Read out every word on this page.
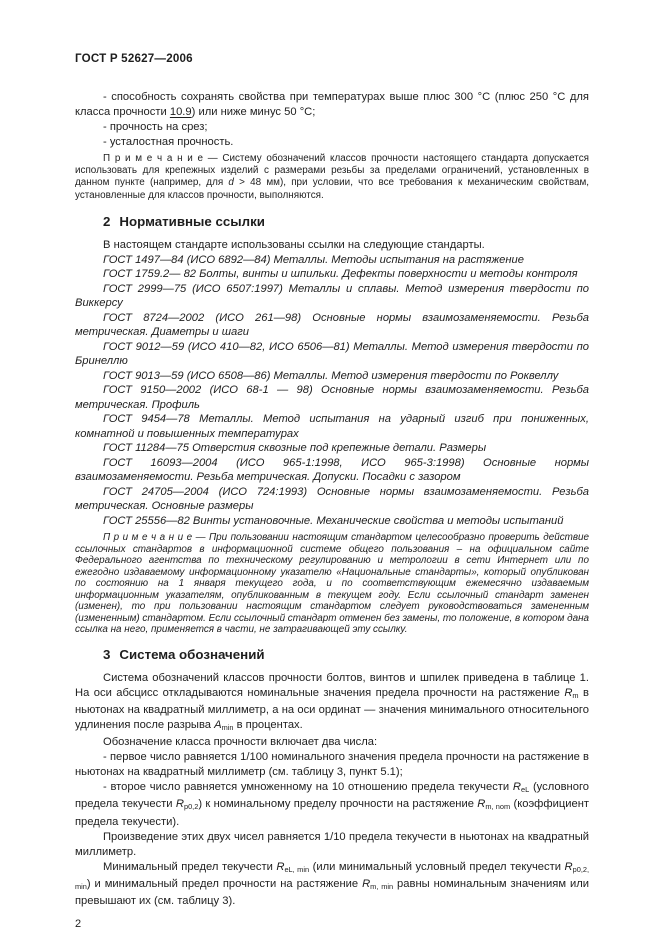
ГОСТ Р 52627—2006

- способность сохранять свойства при температурах выше плюс 300 °С (плюс 250 °С для класса прочности 10.9) или ниже минус 50 °С;

- прочность на срез;

- усталостная прочность.

П р и м е ч а н и е — Систему обозначений классов прочности настоящего стандарта допускается использовать для крепежных изделий с размерами резьбы за пределами ограничений, установленных в данном пункте (например, для d > 48 мм), при условии, что все требования к механическим свойствам, установленные для классов прочности, выполняются.

2 Нормативные ссылки

В настоящем стандарте использованы ссылки на следующие стандарты.

ГОСТ 1497—84 (ИСО 6892—84) Металлы. Методы испытания на растяжение

ГОСТ 1759.2— 82 Болты, винты и шпильки. Дефекты поверхности и методы контроля

ГОСТ 2999—75 (ИСО 6507:1997) Металлы и сплавы. Метод измерения твердости по Виккерсу

ГОСТ 8724—2002 (ИСО 261—98) Основные нормы взаимозаменяемости. Резьба метрическая. Диаметры и шаги

ГОСТ 9012—59 (ИСО 410—82, ИСО 6506—81) Металлы. Метод измерения твердости по Бринеллю

ГОСТ 9013—59 (ИСО 6508—86) Металлы. Метод измерения твердости по Роквеллу

ГОСТ 9150—2002 (ИСО 68-1 — 98) Основные нормы взаимозаменяемости. Резьба метрическая. Профиль

ГОСТ 9454—78 Металлы. Метод испытания на ударный изгиб при пониженных, комнатной и повышенных температурах

ГОСТ 11284—75 Отверстия сквозные под крепежные детали. Размеры

ГОСТ 16093—2004 (ИСО 965-1:1998, ИСО 965-3:1998) Основные нормы взаимозаменяемости. Резьба метрическая. Допуски. Посадки с зазором

ГОСТ 24705—2004 (ИСО 724:1993) Основные нормы взаимозаменяемости. Резьба метрическая. Основные размеры

ГОСТ 25556—82 Винты установочные. Механические свойства и методы испытаний

П р и м е ч а н и е — При пользовании настоящим стандартом целесообразно проверить действие ссылочных стандартов в информационной системе общего пользования – на официальном сайте Федерального агентства по техническому регулированию и метрологии в сети Интернет или по ежегодно издаваемому информационному указателю «Национальные стандарты», который опубликован по состоянию на 1 января текущего года, и по соответствующим ежемесячно издаваемым информационным указателям, опубликованным в текущем году. Если ссылочный стандарт заменен (изменен), то при пользовании настоящим стандартом следует руководствоваться замененным (измененным) стандартом. Если ссылочный стандарт отменен без замены, то положение, в котором дана ссылка на него, применяется в части, не затрагивающей эту ссылку.

3 Система обозначений

Система обозначений классов прочности болтов, винтов и шпилек приведена в таблице 1. На оси абсцисс откладываются номинальные значения предела прочности на растяжение Rm в ньютонах на квадратный миллиметр, а на оси ординат — значения минимального относительного удлинения после разрыва Amin в процентах.

Обозначение класса прочности включает два числа:

- первое число равняется 1/100 номинального значения предела прочности на растяжение в ньютонах на квадратный миллиметр (см. таблицу 3, пункт 5.1);

- второе число равняется умноженному на 10 отношению предела текучести ReL (условного предела текучести Rp0,2) к номинальному пределу прочности на растяжение Rm, nom (коэффициент предела текучести).

Произведение этих двух чисел равняется 1/10 предела текучести в ньютонах на квадратный миллиметр.

Минимальный предел текучести ReL, min (или минимальный условный предел текучести Rp0,2, min) и минимальный предел прочности на растяжение Rm, min равны номинальным значениям или превышают их (см. таблицу 3).

2
